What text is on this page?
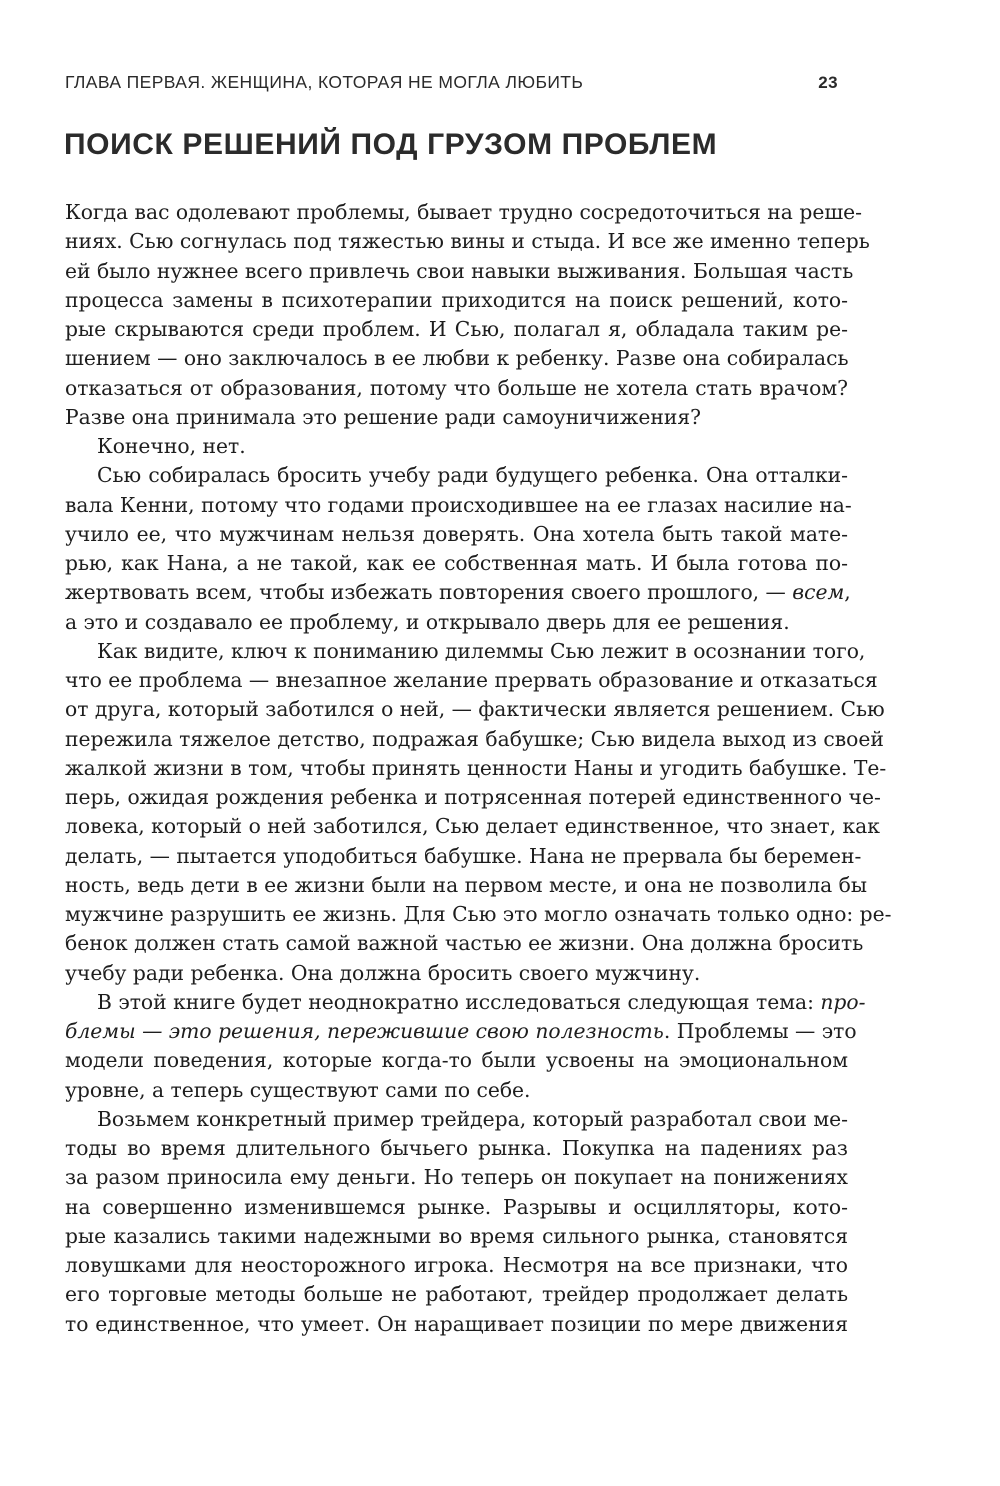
ГЛАВА ПЕРВАЯ. ЖЕНЩИНА, КОТОРАЯ НЕ МОГЛА ЛЮБИТЬ	23
ПОИСК РЕШЕНИЙ ПОД ГРУЗОМ ПРОБЛЕМ
Когда вас одолевают проблемы, бывает трудно сосредоточиться на реше-
ниях. Сью согнулась под тяжестью вины и стыда. И все же именно теперь
ей было нужнее всего привлечь свои навыки выживания. Большая часть
процесса замены в психотерапии приходится на поиск решений, кото-
рые скрываются среди проблем. И Сью, полагал я, обладала таким ре-
шением — оно заключалось в ее любви к ребенку. Разве она собиралась
отказаться от образования, потому что больше не хотела стать врачом?
Разве она принимала это решение ради самоуничижения?
Конечно, нет.
Сью собиралась бросить учебу ради будущего ребенка. Она отталки-
вала Кенни, потому что годами происходившее на ее глазах насилие на-
учило ее, что мужчинам нельзя доверять. Она хотела быть такой мате-
рью, как Нана, а не такой, как ее собственная мать. И была готова по-
жертвовать всем, чтобы избежать повторения своего прошлого, — всем,
а это и создавало ее проблему, и открывало дверь для ее решения.
Как видите, ключ к пониманию дилеммы Сью лежит в осознании того,
что ее проблема — внезапное желание прервать образование и отказаться
от друга, который заботился о ней, — фактически является решением. Сью
пережила тяжелое детство, подражая бабушке; Сью видела выход из своей
жалкой жизни в том, чтобы принять ценности Наны и угодить бабушке. Те-
перь, ожидая рождения ребенка и потрясенная потерей единственного че-
ловека, который о ней заботился, Сью делает единственное, что знает, как
делать, — пытается уподобиться бабушке. Нана не прервала бы беремен-
ность, ведь дети в ее жизни были на первом месте, и она не позволила бы
мужчине разрушить ее жизнь. Для Сью это могло означать только одно: ре-
бенок должен стать самой важной частью ее жизни. Она должна бросить
учебу ради ребенка. Она должна бросить своего мужчину.
В этой книге будет неоднократно исследоваться следующая тема: про-
блемы — это решения, пережившие свою полезность. Проблемы — это
модели поведения, которые когда-то были усвоены на эмоциональном
уровне, а теперь существуют сами по себе.
Возьмем конкретный пример трейдера, который разработал свои ме-
тоды во время длительного бычьего рынка. Покупка на падениях раз
за разом приносила ему деньги. Но теперь он покупает на понижениях
на совершенно изменившемся рынке. Разрывы и осцилляторы, кото-
рые казались такими надежными во время сильного рынка, становятся
ловушками для неосторожного игрока. Несмотря на все признаки, что
его торговые методы больше не работают, трейдер продолжает делать
то единственное, что умеет. Он наращивает позиции по мере движения
